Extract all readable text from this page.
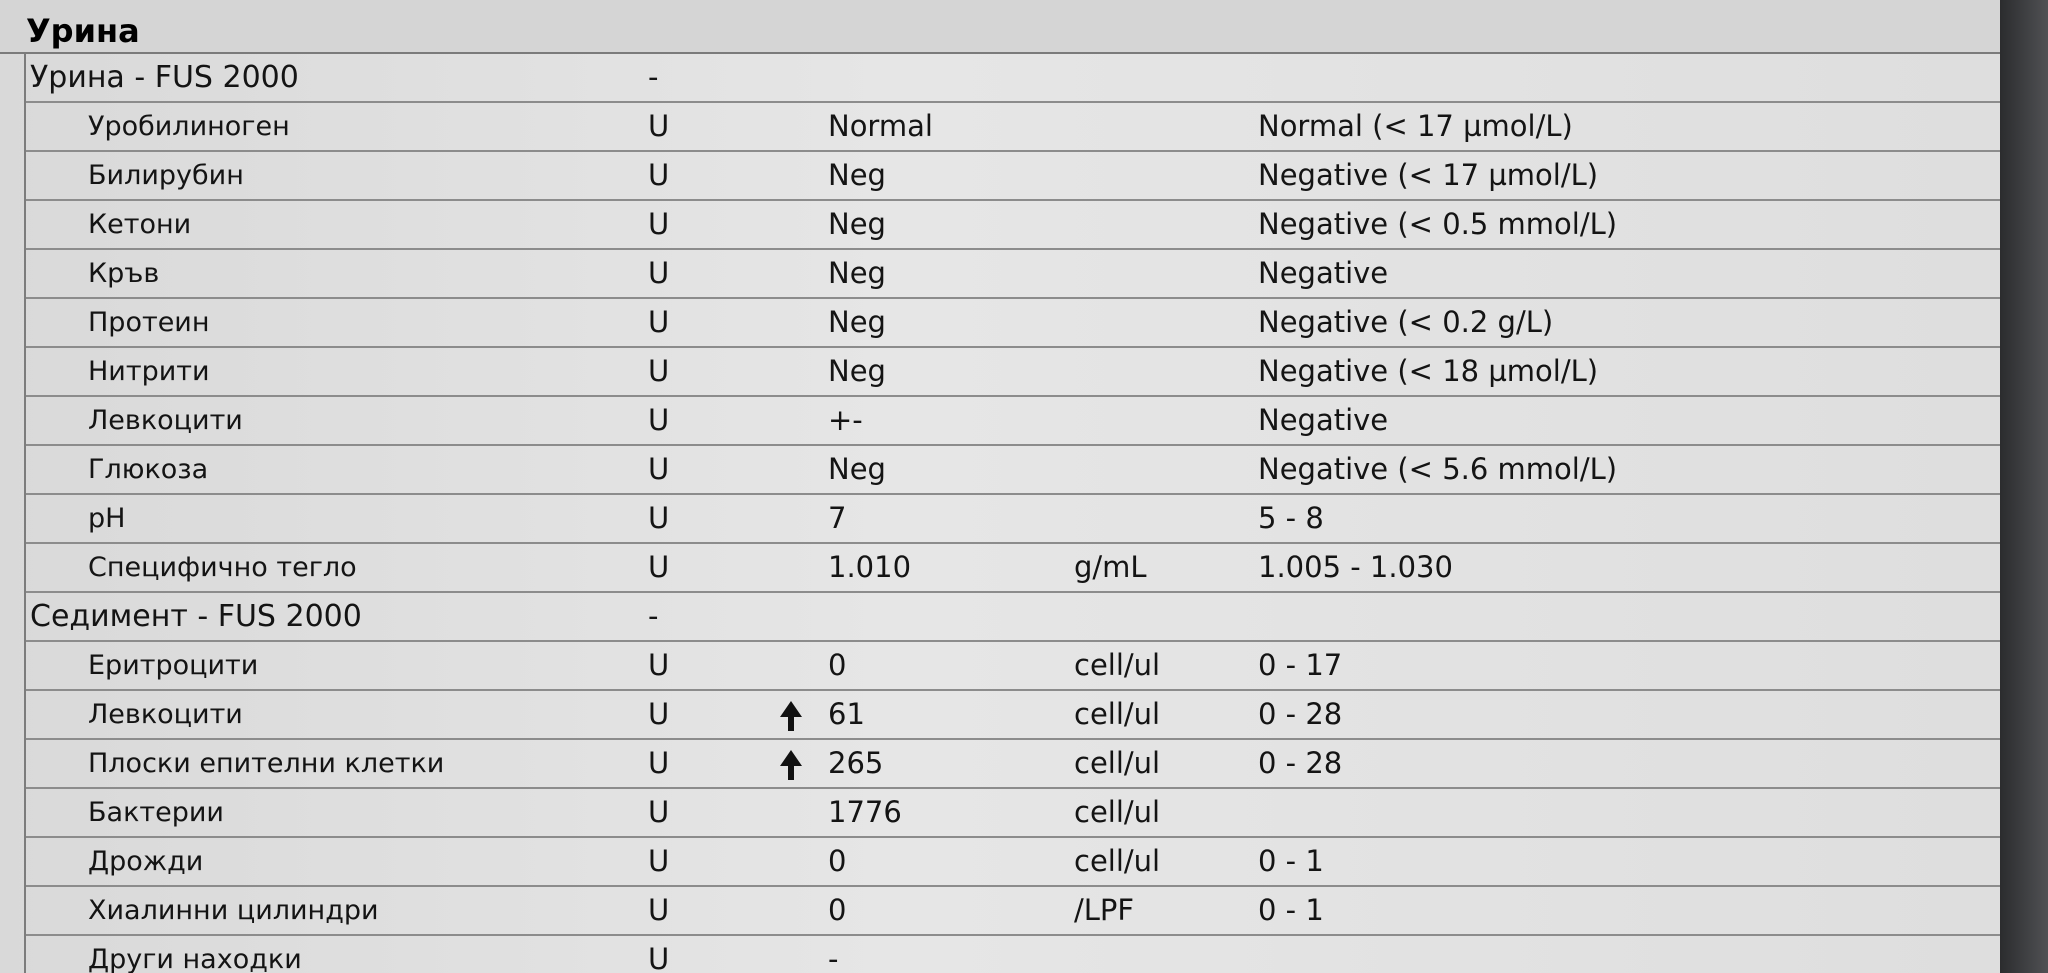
Урина
Урина - FUS 2000	-
Уробилиноген	U	Normal	Normal (< 17 µmol/L)
Билирубин	U	Neg	Negative (< 17 µmol/L)
Кетони	U	Neg	Negative (< 0.5 mmol/L)
Кръв	U	Neg	Negative
Протеин	U	Neg	Negative (< 0.2 g/L)
Нитрити	U	Neg	Negative (< 18 µmol/L)
Левкоцити	U	+-	Negative
Глюкоза	U	Neg	Negative (< 5.6 mmol/L)
pH	U	7	5 - 8
Специфично тегло	U	1.010	g/mL	1.005 - 1.030
Седимент - FUS 2000	-
Еритроцити	U	0	cell/ul	0 - 17
Левкоцити	U	61	cell/ul	0 - 28
Плоски епителни клетки	U	265	cell/ul	0 - 28
Бактерии	U	1776	cell/ul
Дрожди	U	0	cell/ul	0 - 1
Хиалинни цилиндри	U	0	/LPF	0 - 1
Други находки	U	-
